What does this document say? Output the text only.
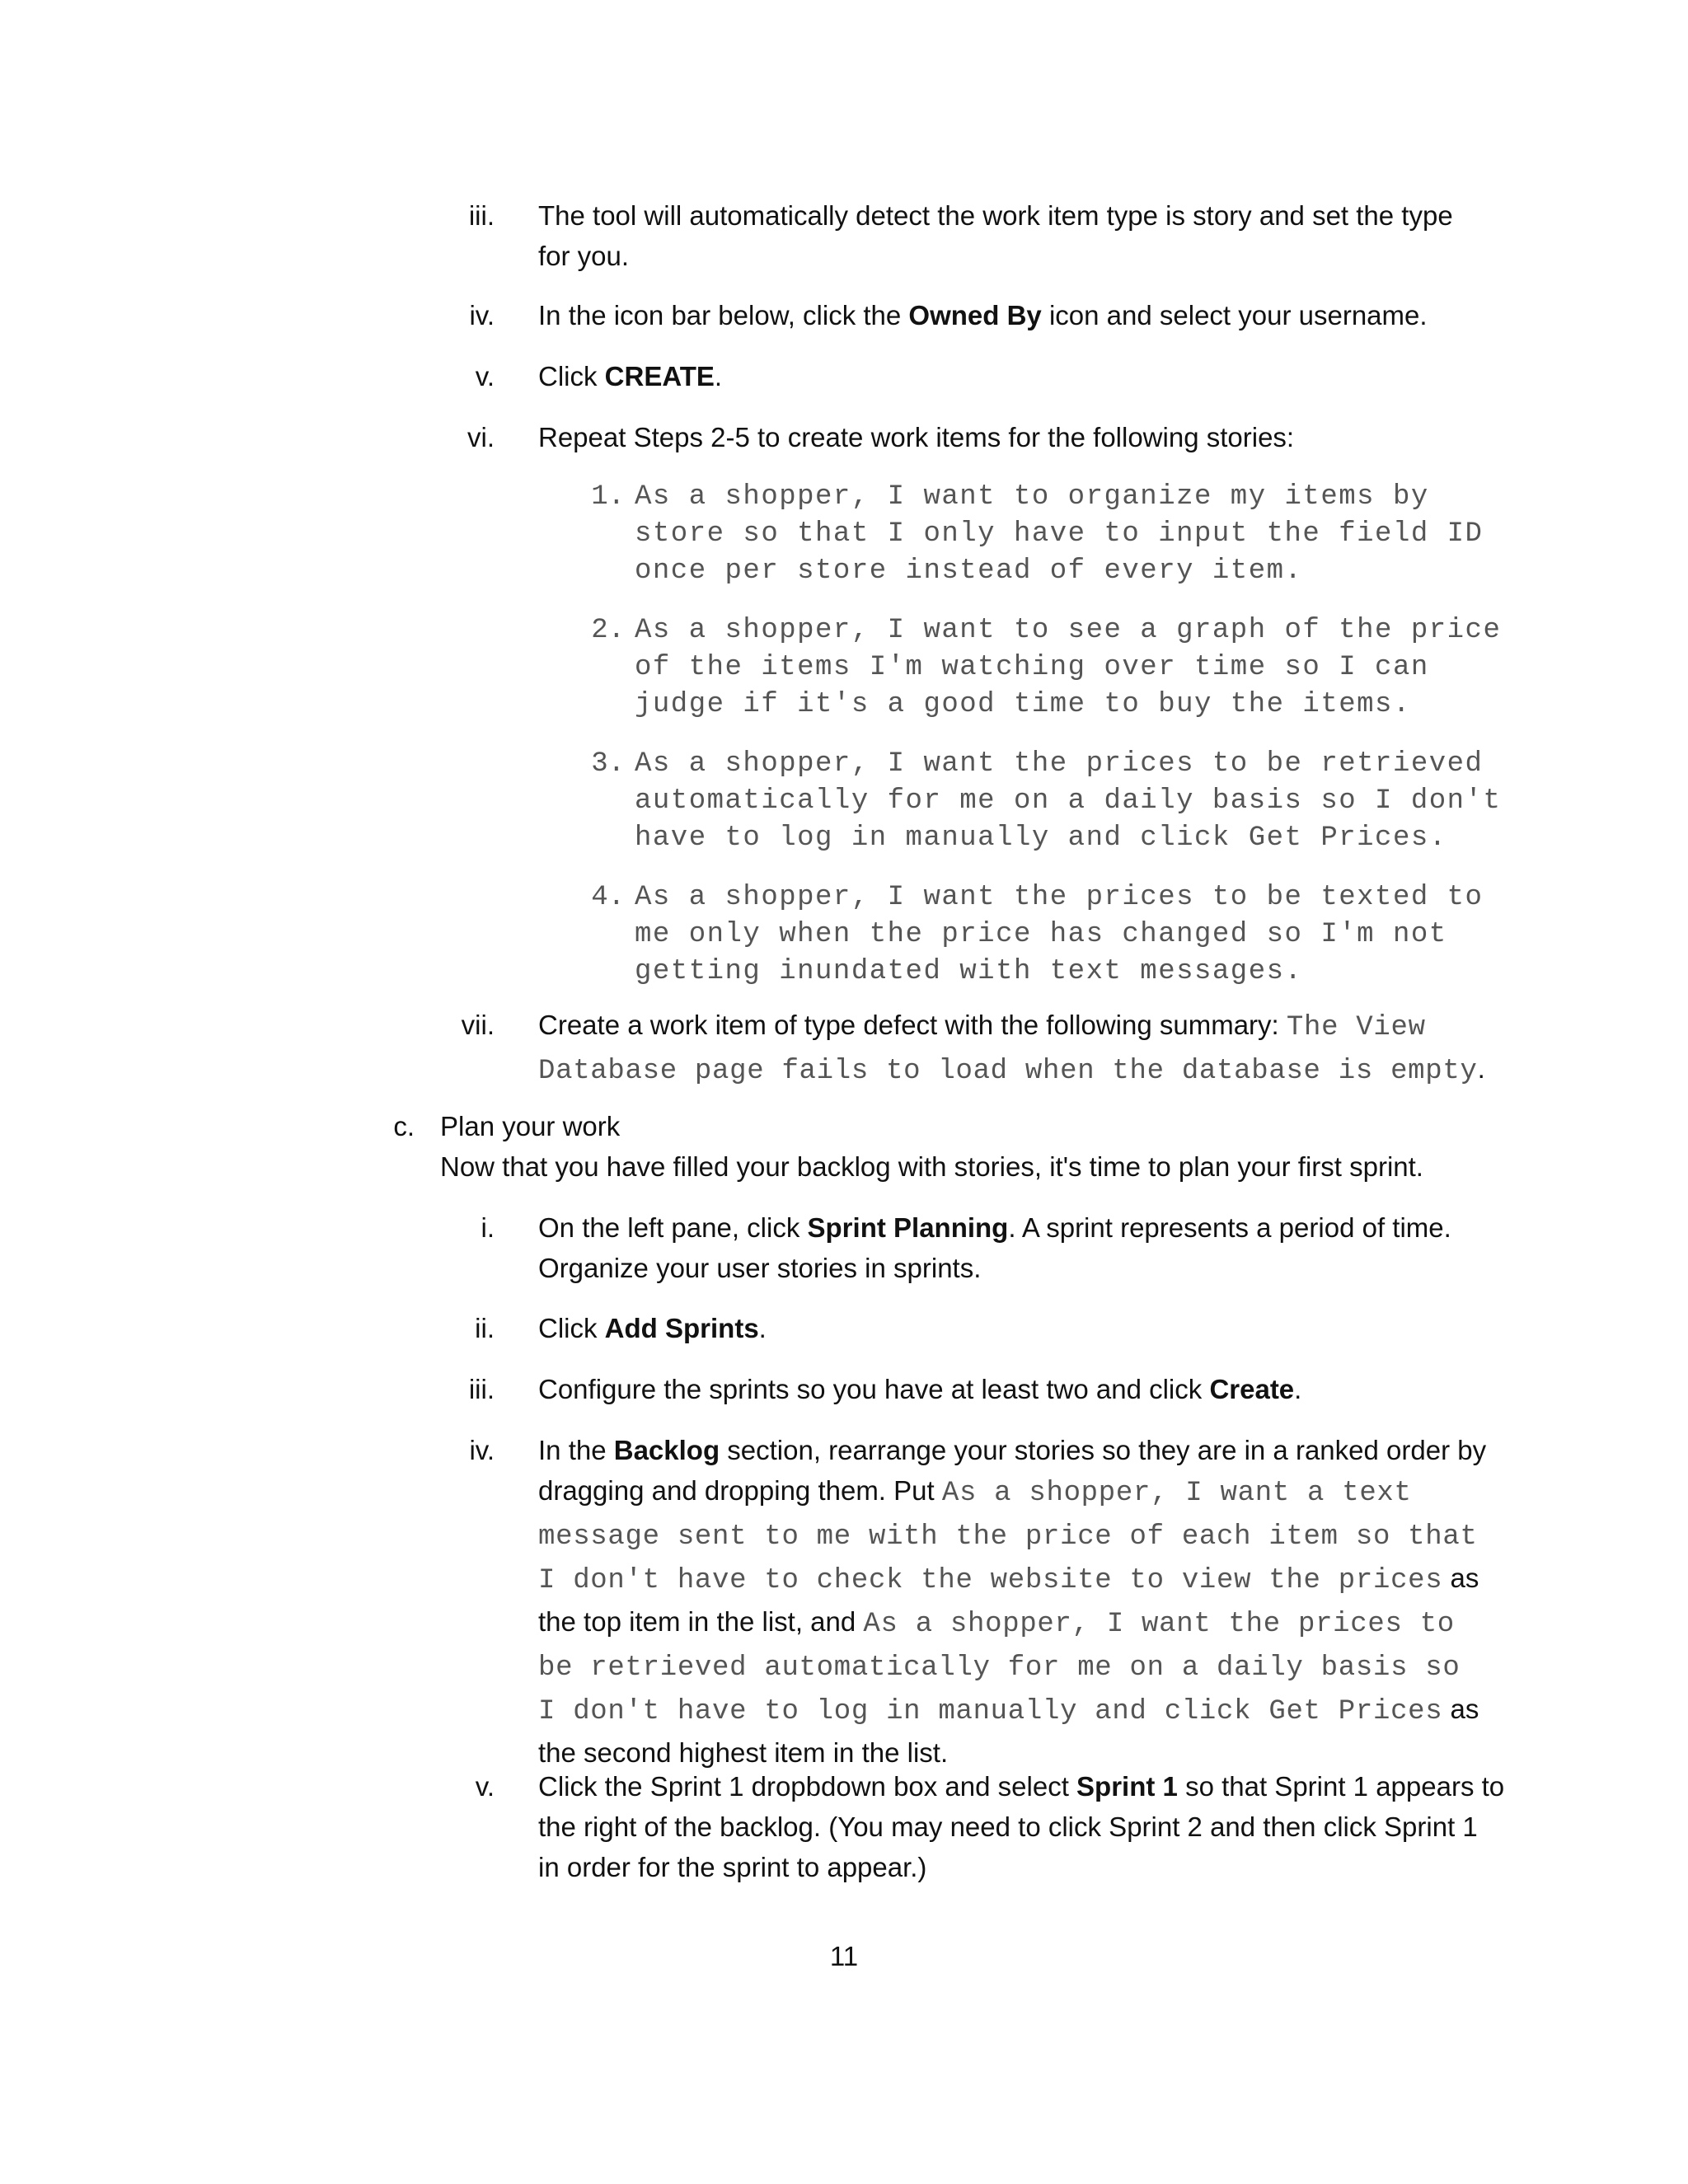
iii. The tool will automatically detect the work item type is story and set the type
for you.
iv. In the icon bar below, click the Owned By icon and select your username.
v. Click CREATE.
vi. Repeat Steps 2-5 to create work items for the following stories:
1. As a shopper, I want to organize my items by
store so that I only have to input the field ID
once per store instead of every item.
2. As a shopper, I want to see a graph of the price
of the items I'm watching over time so I can
judge if it's a good time to buy the items.
3. As a shopper, I want the prices to be retrieved
automatically for me on a daily basis so I don't
have to log in manually and click Get Prices.
4. As a shopper, I want the prices to be texted to
me only when the price has changed so I'm not
getting inundated with text messages.
vii. Create a work item of type defect with the following summary: The View
Database page fails to load when the database is empty.
c. Plan your work
Now that you have filled your backlog with stories, it's time to plan your first sprint.
i. On the left pane, click Sprint Planning. A sprint represents a period of time.
Organize your user stories in sprints.
ii. Click Add Sprints.
iii. Configure the sprints so you have at least two and click Create.
iv. In the Backlog section, rearrange your stories so they are in a ranked order by
dragging and dropping them. Put As a shopper, I want a text
message sent to me with the price of each item so that
I don't have to check the website to view the prices as
the top item in the list, and As a shopper, I want the prices to
be retrieved automatically for me on a daily basis so
I don't have to log in manually and click Get Prices as
the second highest item in the list.
v. Click the Sprint 1 dropbdown box and select Sprint 1 so that Sprint 1 appears to
the right of the backlog. (You may need to click Sprint 2 and then click Sprint 1
in order for the sprint to appear.)
11
